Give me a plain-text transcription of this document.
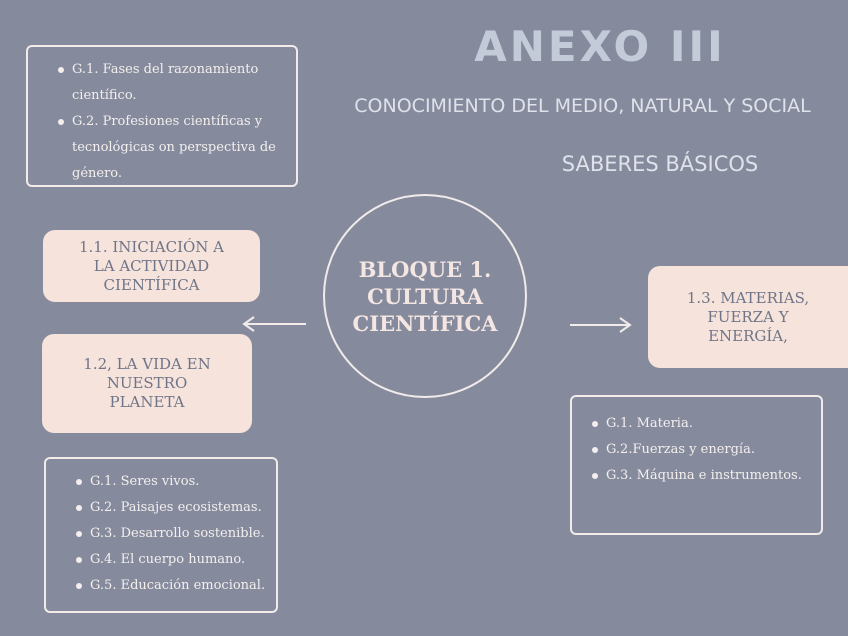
ANEXO III
CONOCIMIENTO DEL MEDIO, NATURAL Y SOCIAL
SABERES BÁSICOS
G.1. Fases del razonamiento científico.
G.2. Profesiones científicas y tecnológicas on perspectiva de género.
1.1. INICIACIÓN A
LA ACTIVIDAD
CIENTÍFICA
1.2, LA VIDA EN
NUESTRO
PLANETA
1.3. MATERIAS,
FUERZA Y
ENERGÍA,
BLOQUE 1.
CULTURA
CIENTÍFICA
G.1. Seres vivos.
G.2. Paisajes ecosistemas.
G.3. Desarrollo sostenible.
G.4. El cuerpo humano.
G.5. Educación emocional.
G.1. Materia.
G.2.Fuerzas y energía.
G.3. Máquina e instrumentos.
